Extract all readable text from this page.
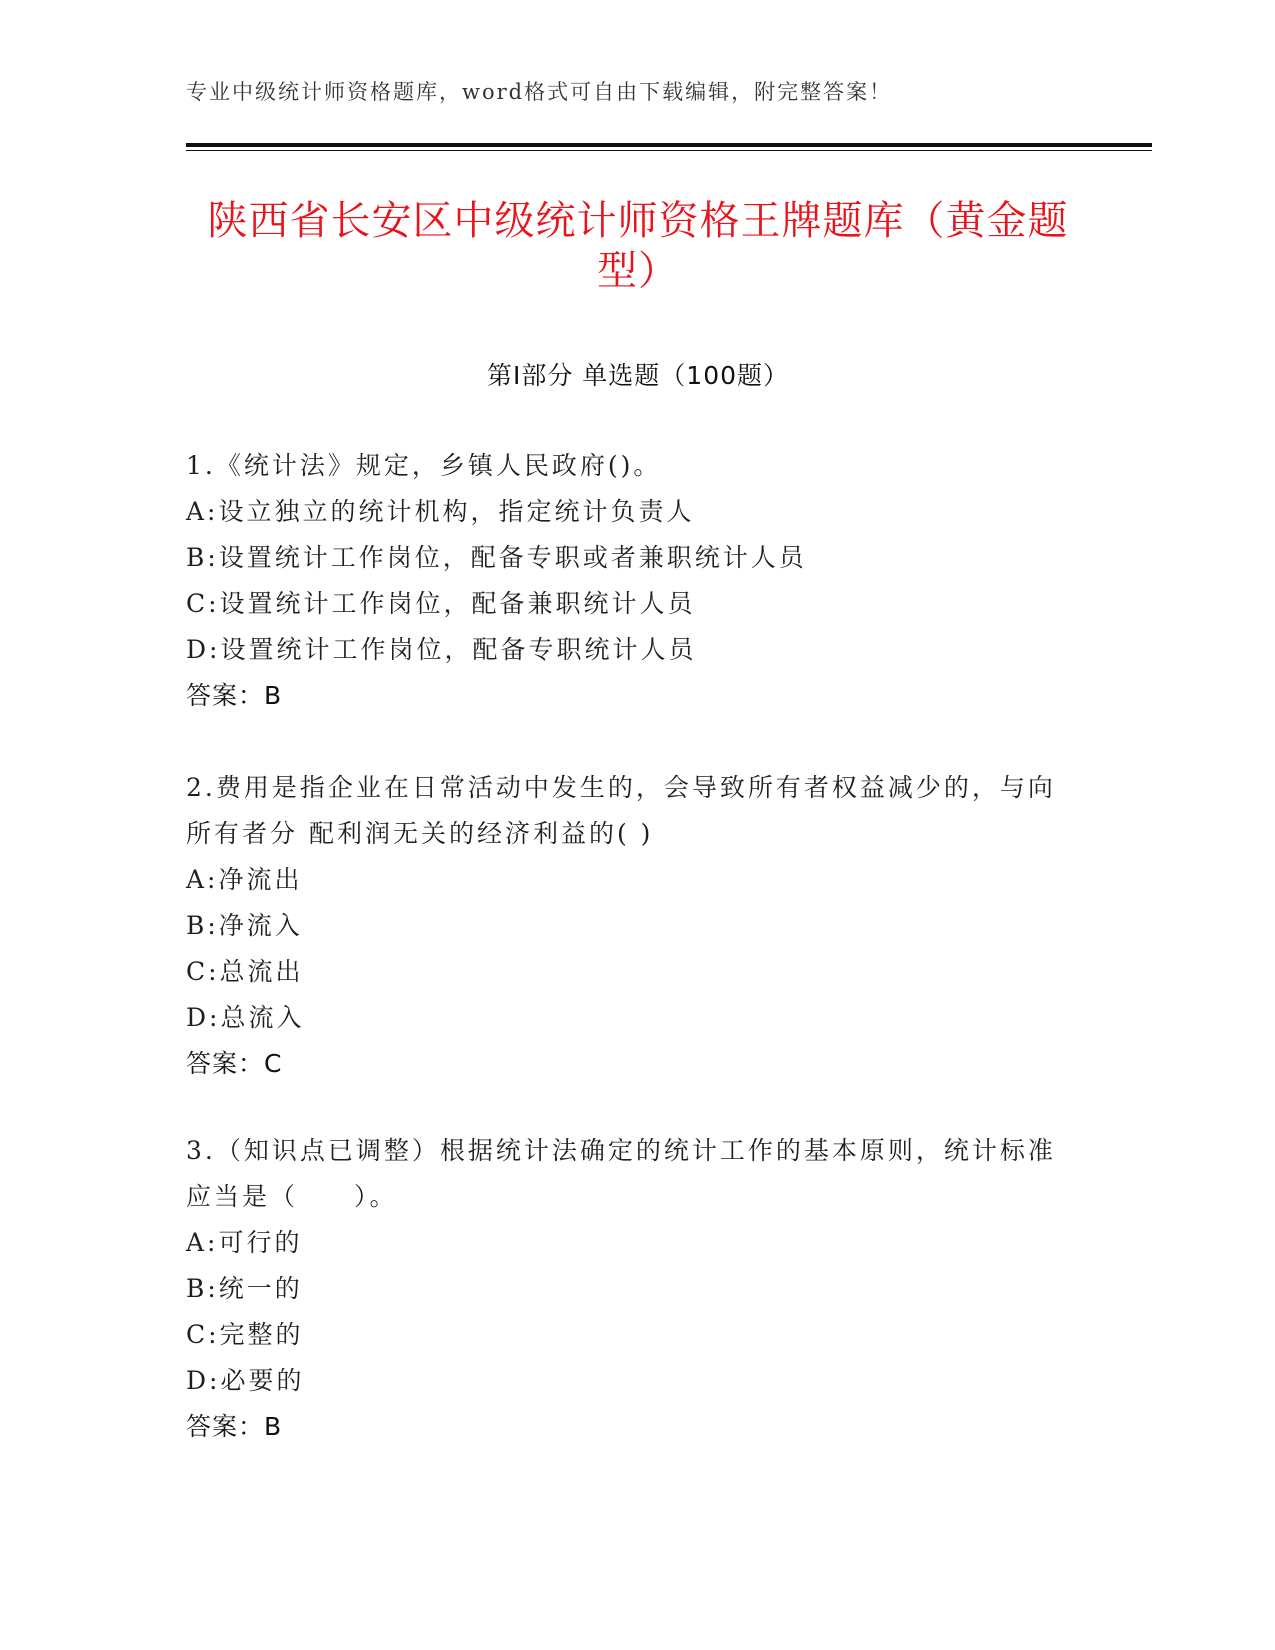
专业中级统计师资格题库，word格式可自由下载编辑，附完整答案！
陕西省长安区中级统计师资格王牌题库（黄金题型）
第Ⅰ部分 单选题（100题）
1.《统计法》规定，乡镇人民政府()。
A:设立独立的统计机构，指定统计负责人
B:设置统计工作岗位，配备专职或者兼职统计人员
C:设置统计工作岗位，配备兼职统计人员
D:设置统计工作岗位，配备专职统计人员
答案：B
2.费用是指企业在日常活动中发生的，会导致所有者权益减少的，与向所有者分 配利润无关的经济利益的( )
A:净流出
B:净流入
C:总流出
D:总流入
答案：C
3.（知识点已调整）根据统计法确定的统计工作的基本原则，统计标准应当是（　　）。
A:可行的
B:统一的
C:完整的
D:必要的
答案：B
